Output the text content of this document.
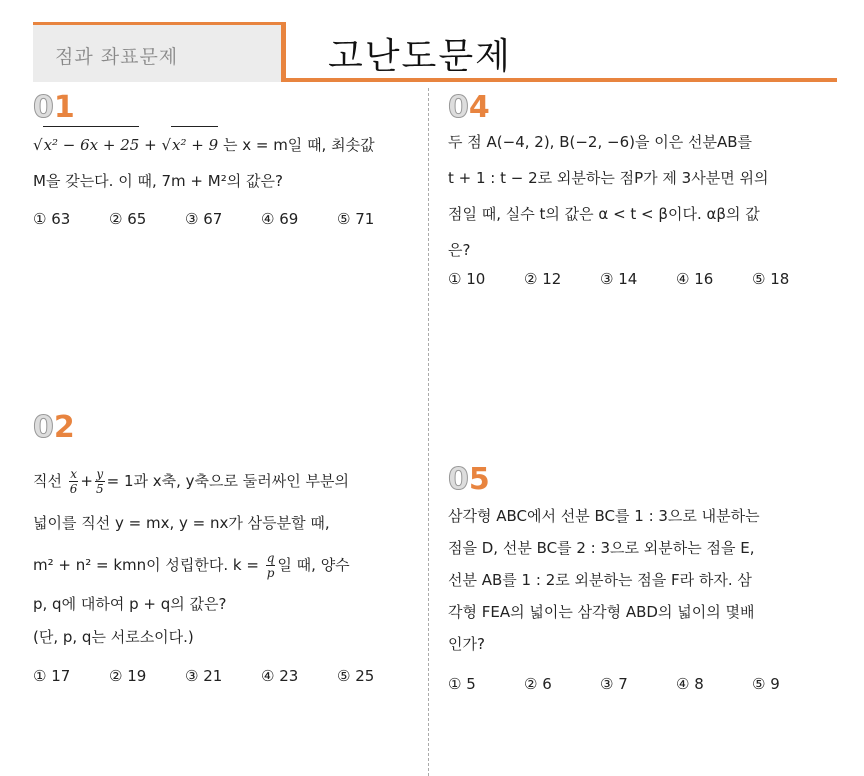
점과 좌표문제	고난도문제
01
√x² − 6x + 25 + √x² + 9 는 x = m일 때, 최솟값
M을 갖는다. 이 때, 7m + M²의 값은?
① 63	② 65	③ 67	④ 69	⑤ 71
02
직선 $\frac{x}{6} + \frac{y}{5} = 1$과 x축, y축으로 둘러싸인 부분의
넓이를 직선 y = mx, y = nx가 삼등분할 때,
m² + n² = kmn이 성립한다. $k = \frac{q}{p}$ 일 때, 양수
p, q에 대하여 p + q의 값은?
(단, p, q는 서로소이다.)
① 17	② 19	③ 21	④ 23	⑤ 25
04
두 점 A(−4, 2), B(−2, −6)을 이은 선분AB를
t + 1 : t − 2로 외분하는 점P가 제 3사분면 위의
점일 때, 실수 t의 값은 α < t < β이다. αβ의 값
은?
① 10	② 12	③ 14	④ 16	⑤ 18
05
삼각형 ABC에서 선분 BC를 1 : 3으로 내분하는
점을 D, 선분 BC를 2 : 3으로 외분하는 점을 E,
선분 AB를 1 : 2로 외분하는 점을 F라 하자. 삼
각형 FEA의 넓이는 삼각형 ABD의 넓이의 몇배
인가?
① 5	② 6	③ 7	④ 8	⑤ 9
